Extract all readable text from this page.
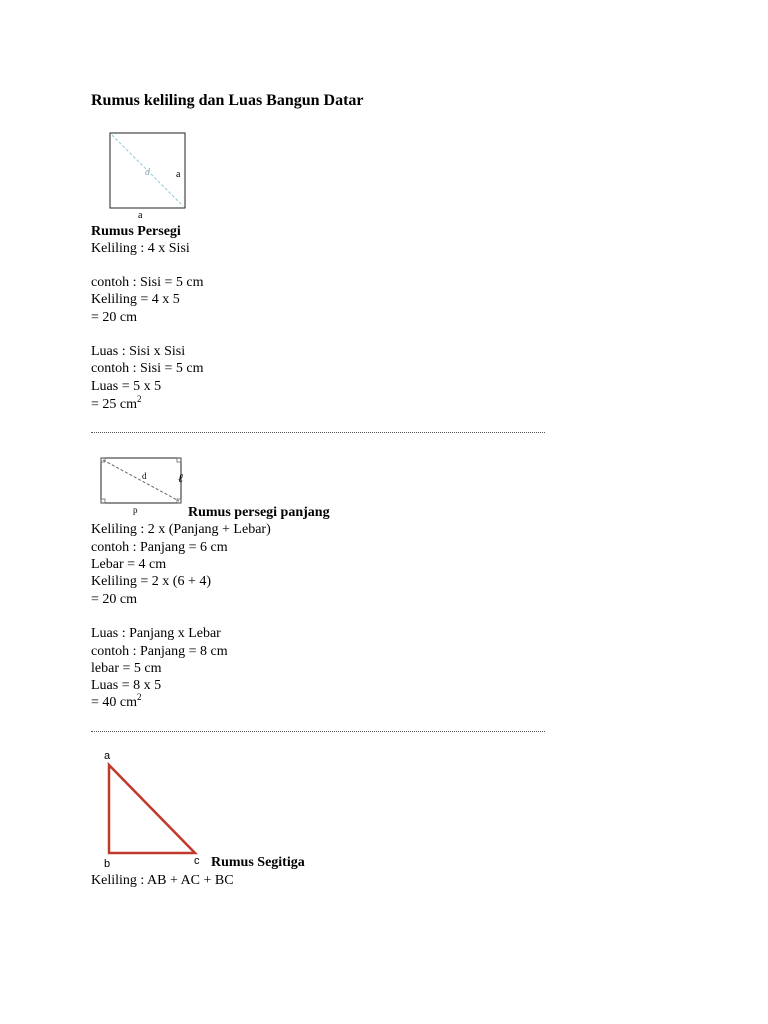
Rumus keliling dan Luas Bangun Datar
d	a
a
Rumus Persegi
Keliling : 4 x Sisi
contoh : Sisi = 5 cm
Keliling = 4 x 5
= 20 cm
Luas : Sisi x Sisi
contoh : Sisi = 5 cm
Luas = 5 x 5
= 25 $cm^2$
d	ℓ
p	Rumus persegi panjang
Keliling : 2 x (Panjang + Lebar)
contoh : Panjang = 6 cm
Lebar = 4 cm
Keliling = 2 x (6 + 4)
= 20 cm
Luas : Panjang x Lebar
contoh : Panjang = 8 cm
lebar = 5 cm
Luas = 8 x 5
= 40 $cm^2$
a
b	c Rumus Segitiga
Keliling : AB + AC + BC
